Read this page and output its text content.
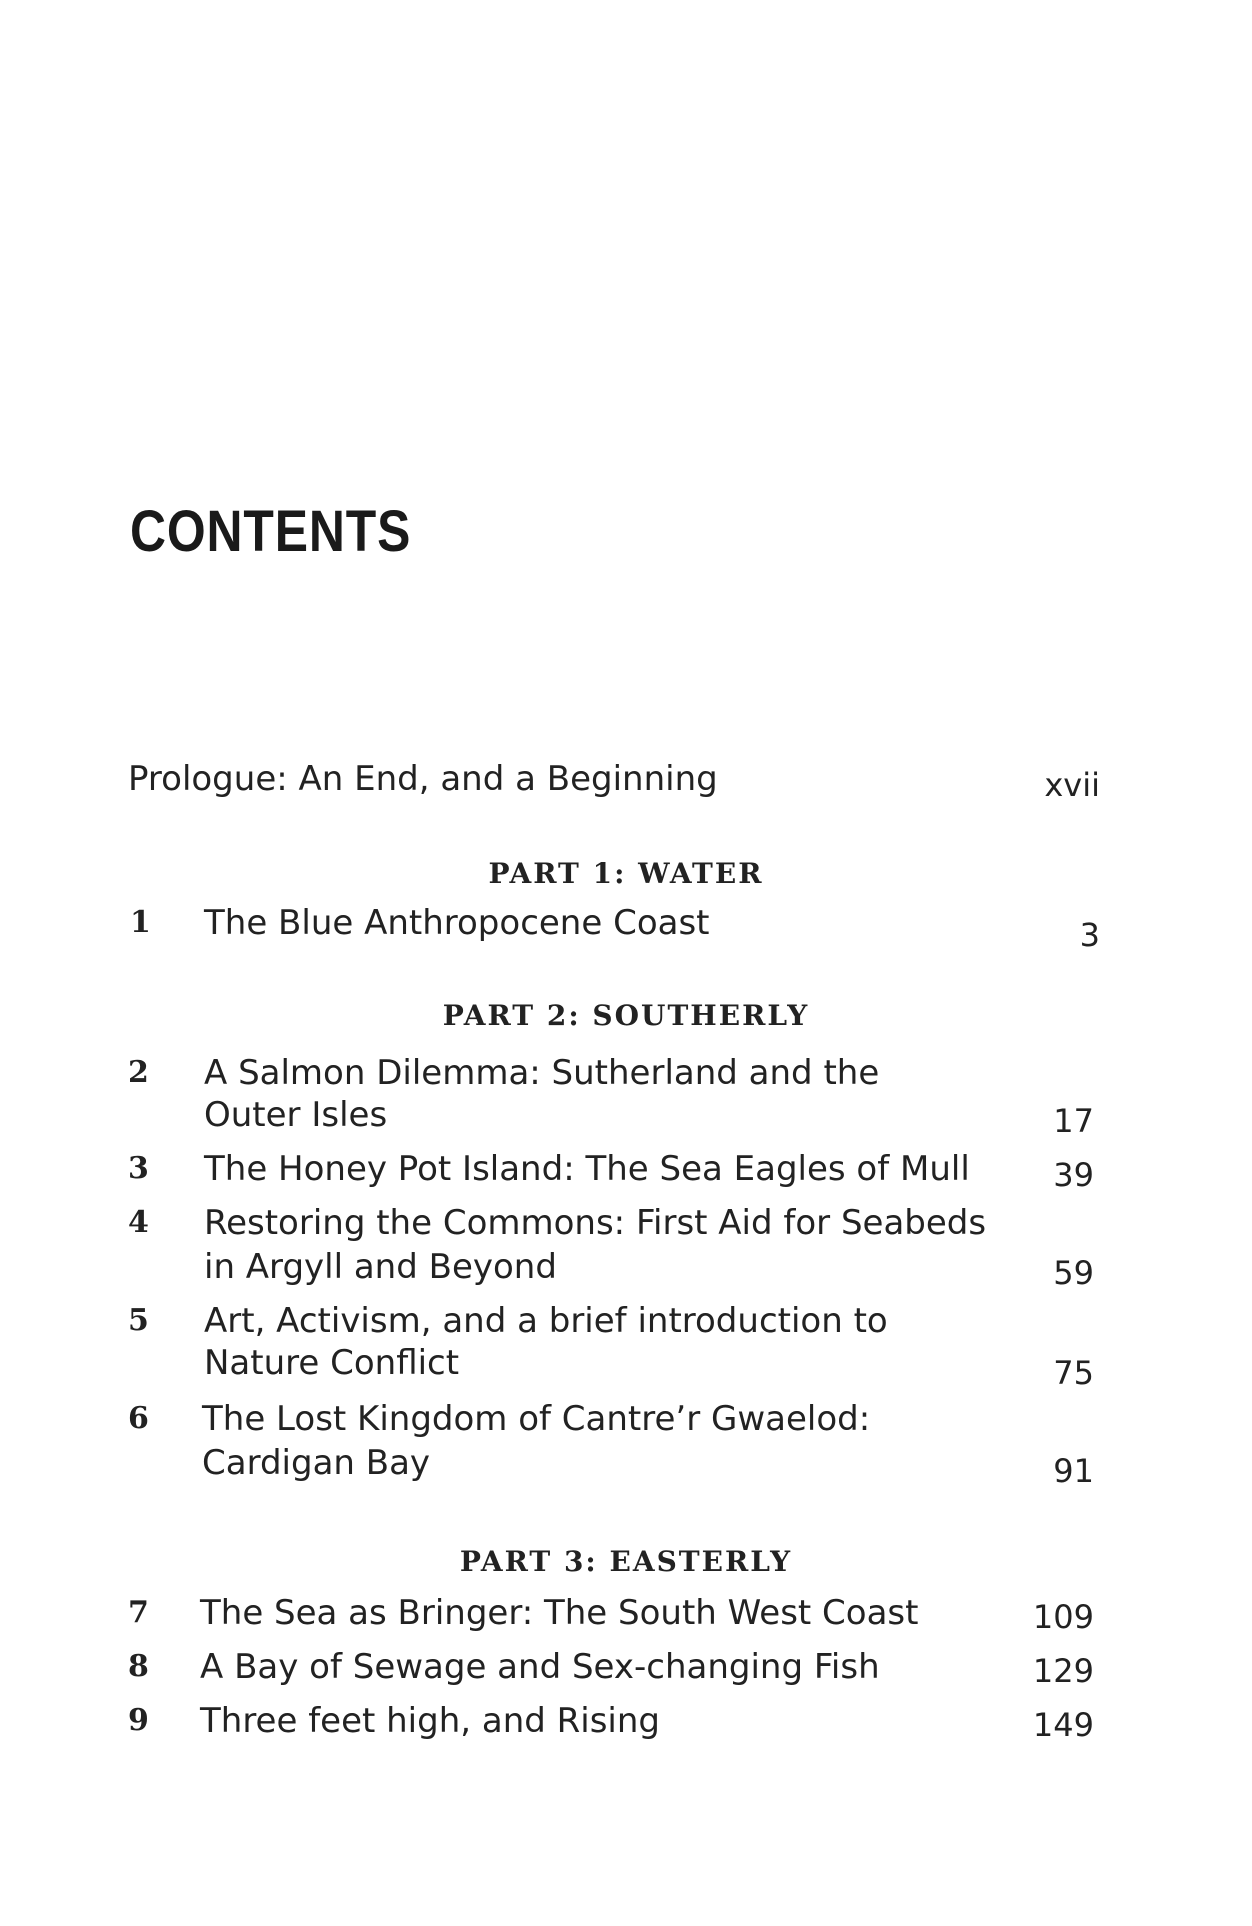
CONTENTS
Prologue: An End, and a Beginning	xvii
PART 1: WATER
1 The Blue Anthropocene Coast	3
PART 2: SOUTHERLY
2 A Salmon Dilemma: Sutherland and the
Outer Isles	17
3 The Honey Pot Island: The Sea Eagles of Mull	39
4 Restoring the Commons: First Aid for Seabeds
in Argyll and Beyond	59
5 Art, Activism, and a brief introduction to
Nature Conflict	75
6 The Lost Kingdom of Cantre’r Gwaelod:
Cardigan Bay	91
PART 3: EASTERLY
7 The Sea as Bringer: The South West Coast	109
8 A Bay of Sewage and Sex-changing Fish	129
9 Three feet high, and Rising	149
